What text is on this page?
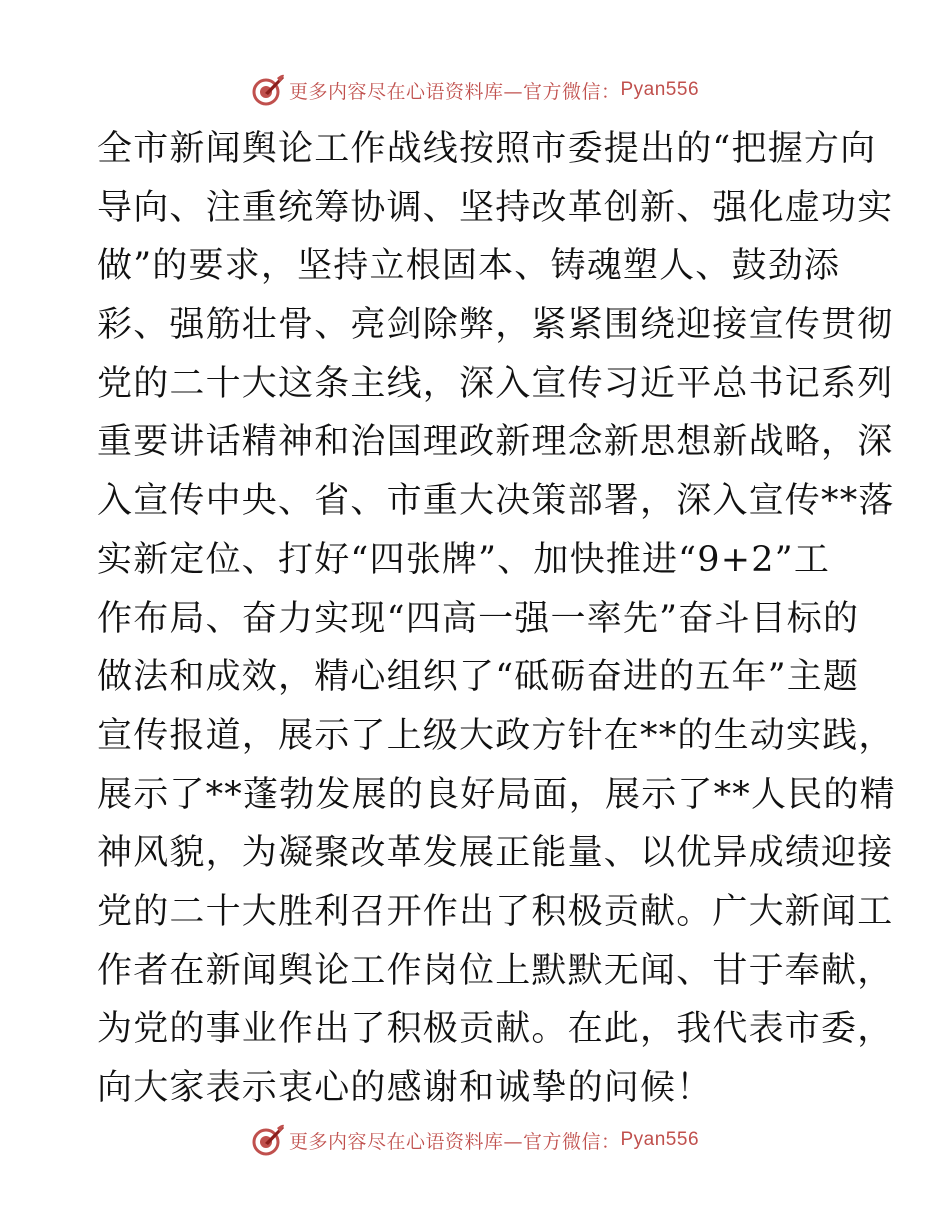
更多内容尽在心语资料库—官方微信： Pyan556
全市新闻舆论工作战线按照市委提出的“把握方向
导向、注重统筹协调、坚持改革创新、强化虚功实
做”的要求，坚持立根固本、铸魂塑人、鼓劲添
彩、强筋壮骨、亮剑除弊，紧紧围绕迎接宣传贯彻
党的二十大这条主线，深入宣传习近平总书记系列
重要讲话精神和治国理政新理念新思想新战略，深
入宣传中央、省、市重大决策部署，深入宣传**落
实新定位、打好“四张牌”、加快推进“9+2”工
作布局、奋力实现“四高一强一率先”奋斗目标的
做法和成效，精心组织了“砥砺奋进的五年”主题
宣传报道，展示了上级大政方针在**的生动实践，
展示了**蓬勃发展的良好局面，展示了**人民的精
神风貌，为凝聚改革发展正能量、以优异成绩迎接
党的二十大胜利召开作出了积极贡献。广大新闻工
作者在新闻舆论工作岗位上默默无闻、甘于奉献，
为党的事业作出了积极贡献。在此，我代表市委，
向大家表示衷心的感谢和诚挚的问候！
更多内容尽在心语资料库—官方微信： Pyan556
